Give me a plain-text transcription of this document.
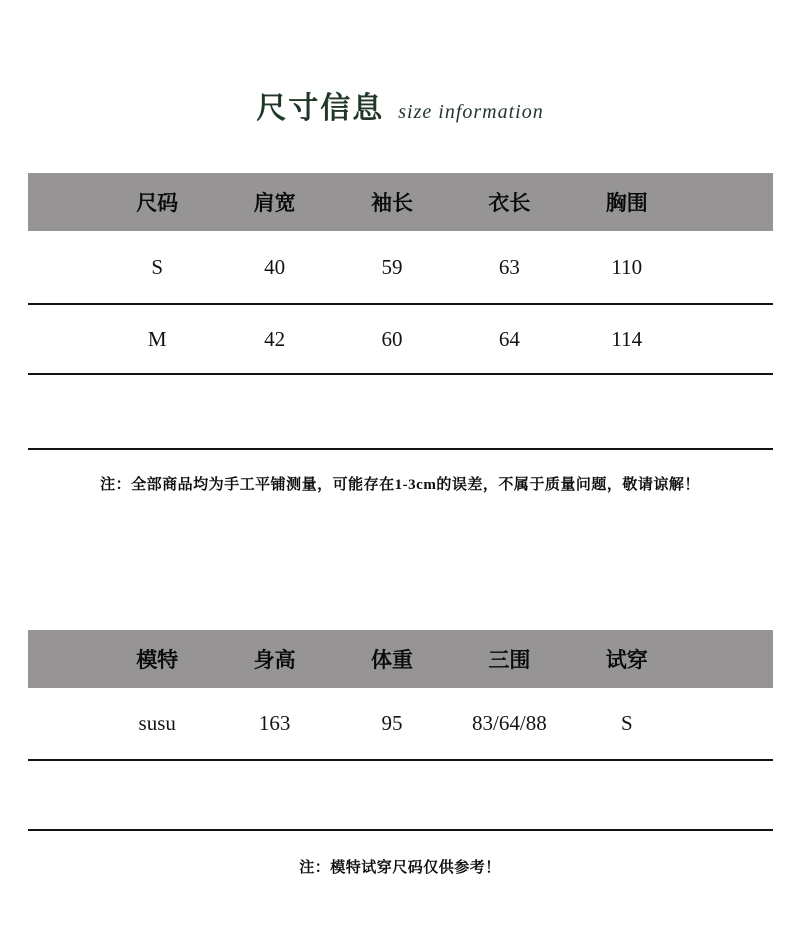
尺寸信息 size information
尺码	肩宽	袖长	衣长	胸围
S	40	59	63	110
M	42	60	64	114
注：全部商品均为手工平铺测量，可能存在1-3cm的误差，不属于质量问题，敬请谅解！
模特	身高	体重	三围	试穿
susu	163	95	83/64/88	S
注：模特试穿尺码仅供参考！
